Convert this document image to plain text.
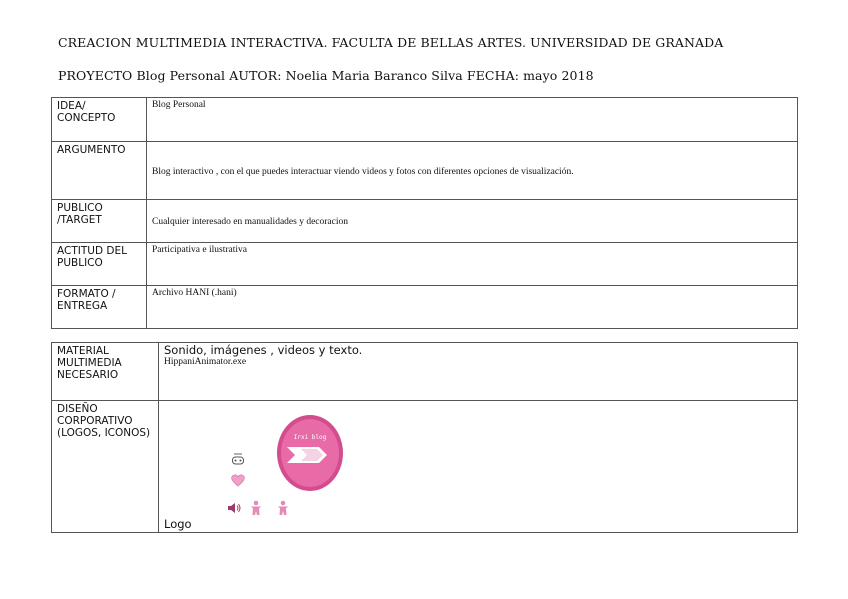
CREACION MULTIMEDIA INTERACTIVA. FACULTA DE BELLAS ARTES. UNIVERSIDAD DE GRANADA
PROYECTO Blog Personal AUTOR: Noelia Maria Baranco Silva FECHA: mayo 2018
IDEA/ CONCEPTO	Blog Personal
ARGUMENTO	Blog interactivo , con el que puedes interactuar viendo videos y fotos con diferentes opciones de visualización.
PUBLICO /TARGET	Cualquier interesado en manualidades y decoracion
ACTITUD DEL PUBLICO	Participativa e ilustrativa
FORMATO / ENTREGA	Archivo HANI (.hani)
MATERIAL MULTIMEDIA NECESARIO	Sonido, imágenes , videos y texto.
HippaniAnimator.exe

DISEÑO CORPORATIVO (LOGOS, ICONOS)	Irxi blog
Logo
